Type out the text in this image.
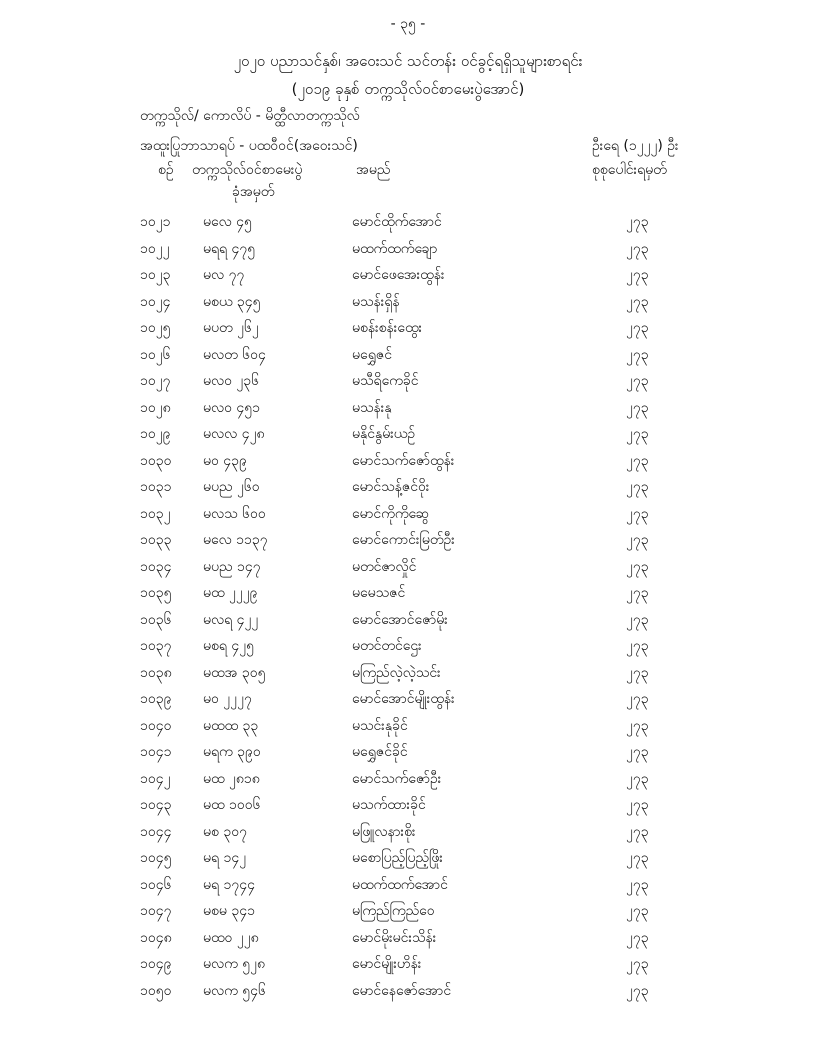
- ၃၅ -
၂၀၂၀ ပညာသင်နှစ်၊ အဝေးသင် သင်တန်း ဝင်ခွင့်ရရှိသူများစာရင်း
(၂၀၁၉ ခုနှစ် တက္ကသိုလ်ဝင်စာမေးပွဲအောင်)
တက္ကသိုလ်/ ကောလိပ် - မိတ္ထီလာတက္ကသိုလ်
အထူးပြုဘာသာရပ် - ပထဝီဝင်(အဝေးသင်)	ဦးရေ (၁၂၂၂) ဦး
စဉ် တက္ကသိုလ်ဝင်စာမေးပွဲ
ခုံအမှတ်
အမည်	စုစုပေါင်းရမှတ်
၁၀၂၁ မလေ ၄၅	မောင်ထိုက်အောင်	၂၇၃
၁၀၂၂ မရရ ၄၇၅	မထက်ထက်ချော	၂၇၃
၁၀၂၃ မလ ၇၇	မောင်ဖေအေးထွန်း	၂၇၃
၁၀၂၄ မစယ ၃၄၅	မသန်းရှိန်	၂၇၃
၁၀၂၅ မပတ ၂၆၂	မစန်းစန်းထွေး	၂၇၃
၁၀၂၆ မလတ ၆၀၄	မရွှေဇင်	၂၇၃
၁၀၂၇ မလဝ ၂၃၆	မသီရိကေခိုင်	၂၇၃
၁၀၂၈ မလဝ ၄၅၁	မသန်းနု	၂၇၃
၁၀၂၉ မလလ ၄၂၈	မနိုင်နွမ်းယဉ်	၂၇၃
၁၀၃၀ မဝ ၄၃၉	မောင်သက်ဇော်ထွန်း	၂၇၃
၁၀၃၁ မပည ၂၆၀	မောင်သန့်ဇင်ဝိုး	၂၇၃
၁၀၃၂ မလသ ၆၀၀	မောင်ကိုကိုဆွေ	၂၇၃
၁၀၃၃ မလေ ၁၁၃၇	မောင်ကောင်းမြတ်ဦး	၂၇၃
၁၀၃၄ မပည ၁၄၇	မတင်ဇာလှိုင်	၂၇၃
၁၀၃၅ မထ ၂၂၂၉	မမေသဇင်	၂၇၃
၁၀၃၆ မလရ ၄၂၂	မောင်အောင်ဇော်မိုး	၂၇၃
၁၀၃၇ မစရ ၄၂၅	မတင်တင်ဌေး	၂၇၃
၁၀၃၈ မထအ ၃၀၅	မကြည်လဲ့လဲ့သင်း	၂၇၃
၁၀၃၉ မဝ ၂၂၂၇	မောင်အောင်မျိုးထွန်း	၂၇၃
၁၀၄၀ မထထ ၃၃	မသင်းနုခိုင်	၂၇၃
၁၀၄၁ မရက ၃၉၀	မရွှေဇင်ခိုင်	၂၇၃
၁၀၄၂ မထ ၂၈၁၈	မောင်သက်ဇော်ဦး	၂၇၃
၁၀၄၃ မထ ၁၀၀၆	မသက်ထားခိုင်	၂၇၃
၁၀၄၄ မစ ၃၀၇	မဖြူလနားစိုး	၂၇၃
၁၀၄၅ မရ ၁၄၂	မစောပြည့်ပြည့်ဖြိုး	၂၇၃
၁၀၄၆ မရ ၁၇၄၄	မထက်ထက်အောင်	၂၇၃
၁၀၄၇ မစမ ၃၄၁	မကြည်ကြည်ဝေ	၂၇၃
၁၀၄၈ မထဝ ၂၂၈	မောင်မိုးမင်းသိန်း	၂၇၃
၁၀၄၉ မလက ၅၂၈	မောင်မျိုးဟိန်း	၂၇၃
၁၀၅၀ မလက ၅၄၆	မောင်နေဇော်အောင်	၂၇၃
